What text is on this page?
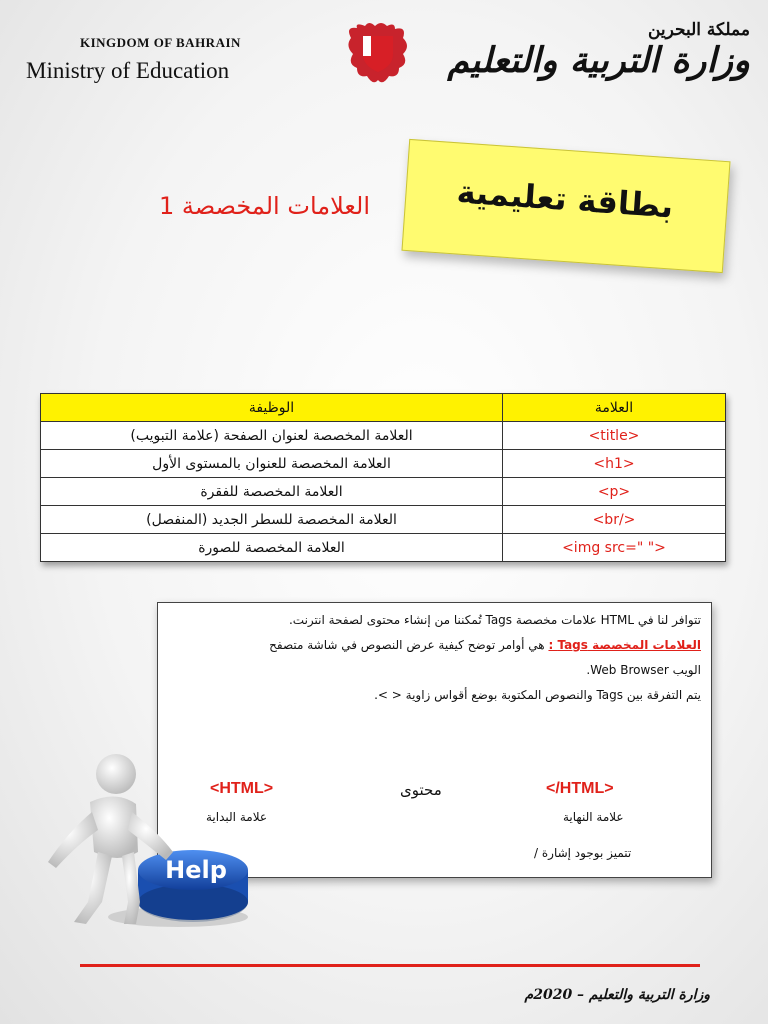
KINGDOM OF BAHRAIN
Ministry of Education
مملكة البحرين
وزارة التربية والتعليم
بطاقة تعليمية
العلامات المخصصة 1
العلامة	الوظيفة
<title>	العلامة المخصصة لعنوان الصفحة (علامة التبويب)
<h1>	العلامة المخصصة للعنوان بالمستوى الأول
<p>	العلامة المخصصة للفقرة
<br/>	العلامة المخصصة للسطر الجديد (المنفصل)
<img src=" ">	العلامة المخصصة للصورة
تتوافر لنا في HTML علامات مخصصة Tags تُمكننا من إنشاء محتوى لصفحة انترنت.
العلامات المخصصة Tags : هي أوامر توضح كيفية عرض النصوص في شاشة متصفح
الويب Web Browser.
يتم التفرقة بين Tags والنصوص المكتوبة بوضع أقواس زاوية < >.
</HTML>
محتوى
<HTML>
علامة النهاية
علامة البداية
تتميز بوجود إشارة /
Help
وزارة التربية والتعليم – 2020م
